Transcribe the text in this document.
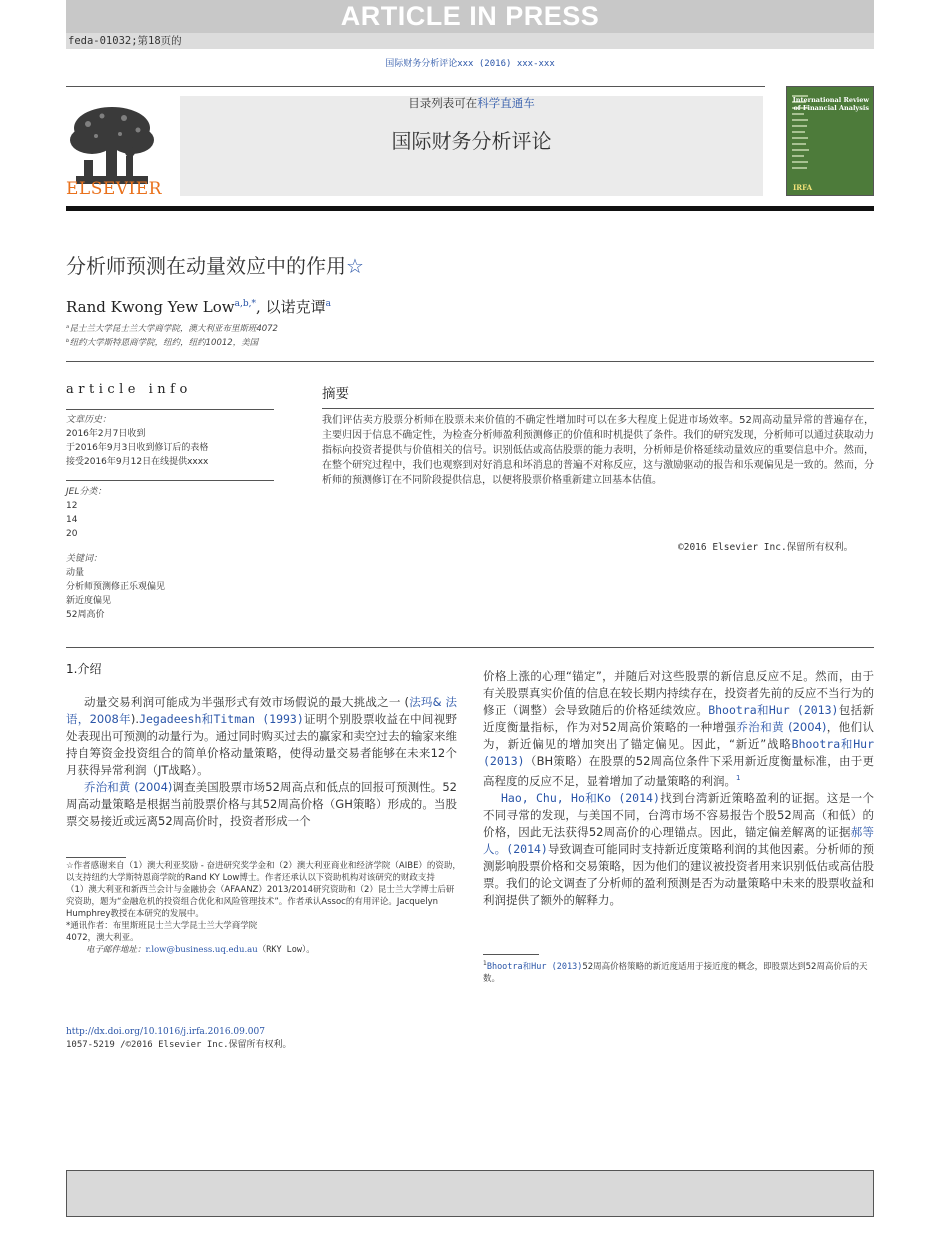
ARTICLE IN PRESS
feda-01032;第18页的
国际财务分析评论xxx (2016) xxx-xxx
ELSEVIER
目录列表可在科学直通车
国际财务分析评论
International Review of Financial Analysis
IRFA
分析师预测在动量效应中的作用☆
Rand Kwong Yew Low$^{a,b,*}$, 以诺克谭$^a$
ᵃ昆士兰大学昆士兰大学商学院，澳大利亚布里斯班4072
ᵇ纽约大学斯特恩商学院，纽约，纽约10012，美国
article info
文章历史：
2016年2月7日收到
于2016年9月3日收到修订后的表格
接受2016年9月12日在线提供xxxx
JEL分类：
12
14
20
关键词：
动量
分析师预测修正乐观偏见
新近度偏见
52周高价
摘要
我们评估卖方股票分析师在股票未来价值的不确定性增加时可以在多大程度上促进市场效率。52周高动量异常的普遍存在，主要归因于信息不确定性，为检查分析师盈利预测修正的价值和时机提供了条件。我们的研究发现，分析师可以通过获取动力指标向投资者提供与价值相关的信号。识别低估或高估股票的能力表明，分析师是价格延续动量效应的重要信息中介。然而，在整个研究过程中，我们也观察到对好消息和坏消息的普遍不对称反应，这与激励驱动的报告和乐观偏见是一致的。然而，分析师的预测修订在不同阶段提供信息，以便将股票价格重新建立回基本估值。
©2016 Elsevier Inc.保留所有权利。
1.介绍
动量交易利润可能成为半强形式有效市场假说的最大挑战之一 (法玛& 法语，2008年).Jegadeesh和Titman (1993)证明个别股票收益在中间视野处表现出可预测的动量行为。通过同时购买过去的赢家和卖空过去的输家来维持自筹资金投资组合的简单价格动量策略，使得动量交易者能够在未来12个月获得异常利润（JT战略）。
乔治和黄 (2004)调查美国股票市场52周高点和低点的回报可预测性。52周高动量策略是根据当前股票价格与其52周高价格（GH策略）形成的。当股票交易接近或远离52周高价时，投资者形成一个
价格上涨的心理“锚定”，并随后对这些股票的新信息反应不足。然而，由于有关股票真实价值的信息在较长期内持续存在，投资者先前的反应不当行为的修正（调整）会导致随后的价格延续效应。Bhootra和Hur (2013)包括新近度衡量指标，作为对52周高价策略的一种增强乔治和黄 (2004)，他们认为，新近偏见的增加突出了锚定偏见。因此，“新近”战略Bhootra和Hur (2013)（BH策略）在股票的52周高位条件下采用新近度衡量标准，由于更高程度的反应不足，显着增加了动量策略的利润。$^1$
Hao, Chu, Ho和Ko (2014)找到台湾新近策略盈利的证据。这是一个不同寻常的发现，与美国不同，台湾市场不容易报告个股52周高（和低）的价格，因此无法获得52周高价的心理锚点。因此，锚定偏差解离的证据郝等人。(2014)导致调查可能同时支持新近度策略利润的其他因素。分析师的预测影响股票价格和交易策略，因为他们的建议被投资者用来识别低估或高估股票。我们的论文调查了分析师的盈利预测是否为动量策略中未来的股票收益和利润提供了额外的解释力。
☆作者感谢来自（1）澳大利亚奖励 - 奋进研究奖学金和（2）澳大利亚商业和经济学院（AIBE）的资助，以支持纽约大学斯特恩商学院的Rand KY Low博士。作者还承认以下资助机构对该研究的财政支持
（1）澳大利亚和新西兰会计与金融协会（AFAANZ）2013/2014研究资助和（2）昆士兰大学博士后研究资助，题为“金融危机的投资组合优化和风险管理技术”。作者承认Assoc的有用评论。Jacquelyn Humphrey教授在本研究的发展中。
*通讯作者：布里斯班昆士兰大学昆士兰大学商学院
4072，澳大利亚。
电子邮件地址：r.low@business.uq.edu.au（RKY Low）。
$^1$Bhootra和Hur (2013)52周高价格策略的新近度适用于接近度的概念，即股票达到52周高价后的天数。
http://dx.doi.org/10.1016/j.irfa.2016.09.007
1057-5219 /©2016 Elsevier Inc.保留所有权利。
